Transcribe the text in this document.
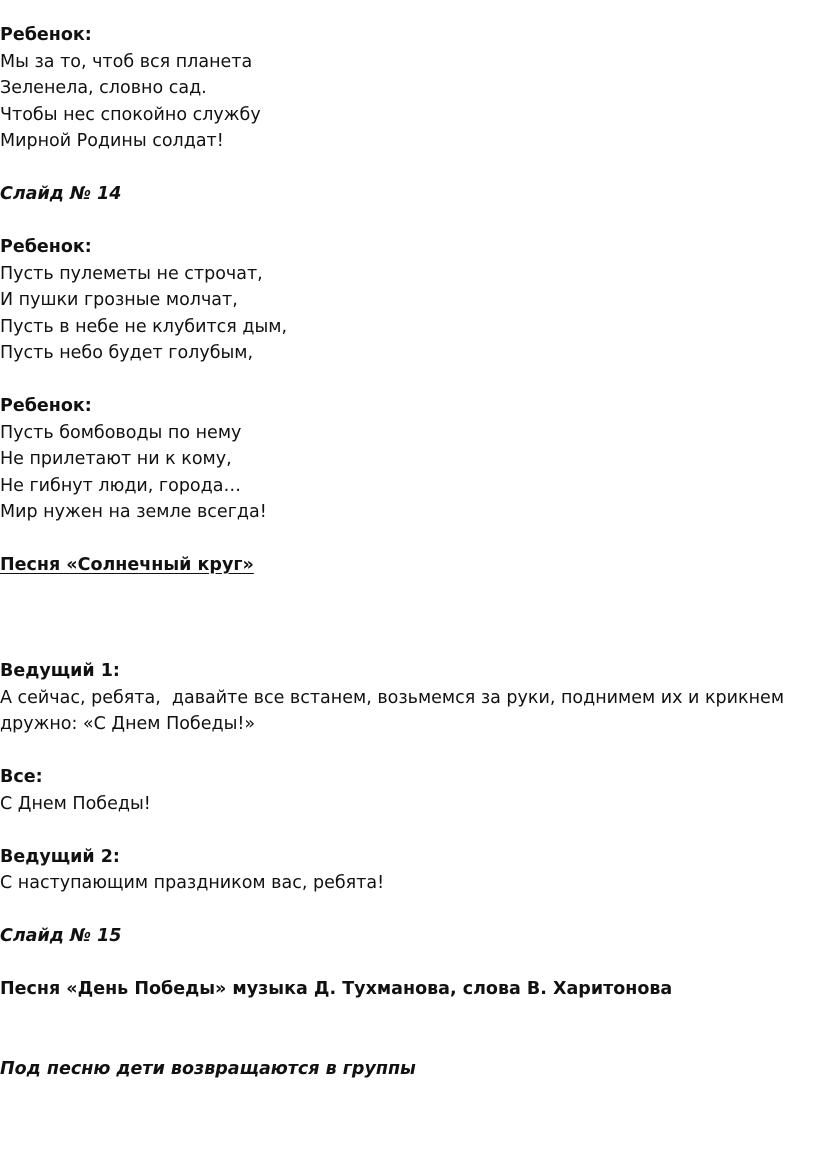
Ребенок:
Мы за то, чтоб вся планета
Зеленела, словно сад.
Чтобы нес спокойно службу
Мирной Родины солдат!
Слайд № 14
Ребенок:
Пусть пулеметы не строчат,
И пушки грозные молчат,
Пусть в небе не клубится дым,
Пусть небо будет голубым,
Ребенок:
Пусть бомбоводы по нему
Не прилетают ни к кому,
Не гибнут люди, города…
Мир нужен на земле всегда!
Песня «Солнечный круг»
Ведущий 1:
А сейчас, ребята,  давайте все встанем, возьмемся за руки, поднимем их и крикнем
дружно: «С Днем Победы!»
Все:
С Днем Победы!
Ведущий 2:
С наступающим праздником вас, ребята!
Слайд № 15
Песня «День Победы» музыка Д. Тухманова, слова В. Харитонова
Под песню дети возвращаются в группы
